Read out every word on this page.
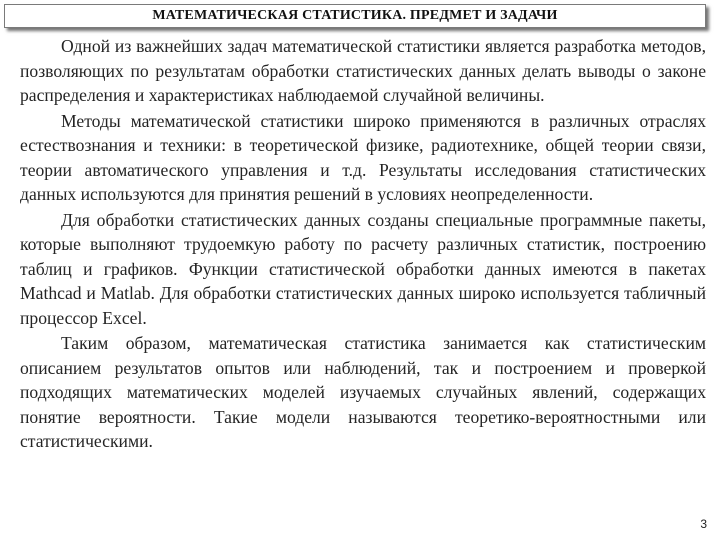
МАТЕМАТИЧЕСКАЯ СТАТИСТИКА. ПРЕДМЕТ И ЗАДАЧИ

Одной из важнейших задач математической статистики является разработка методов, позволяющих по результатам обработки статистических данных делать выводы о законе распределения и характеристиках наблюдаемой случайной величины.

Методы математической статистики широко применяются в различных отраслях естествознания и техники: в теоретической физике, радиотехнике, общей теории связи, теории автоматического управления и т.д. Результаты исследования статистических данных используются для принятия решений в условиях неопределенности.

Для обработки статистических данных созданы специальные программные пакеты, которые выполняют трудоемкую работу по расчету различных статистик, построению таблиц и графиков. Функции статистической обработки данных имеются в пакетах Mathcad и Matlab. Для обработки статистических данных широко используется табличный процессор Excel.

Таким образом, математическая статистика занимается как статистическим описанием результатов опытов или наблюдений, так и построением и проверкой подходящих математических моделей изучаемых случайных явлений, содержащих понятие вероятности. Такие модели называются теоретико-вероятностными или статистическими.

3
